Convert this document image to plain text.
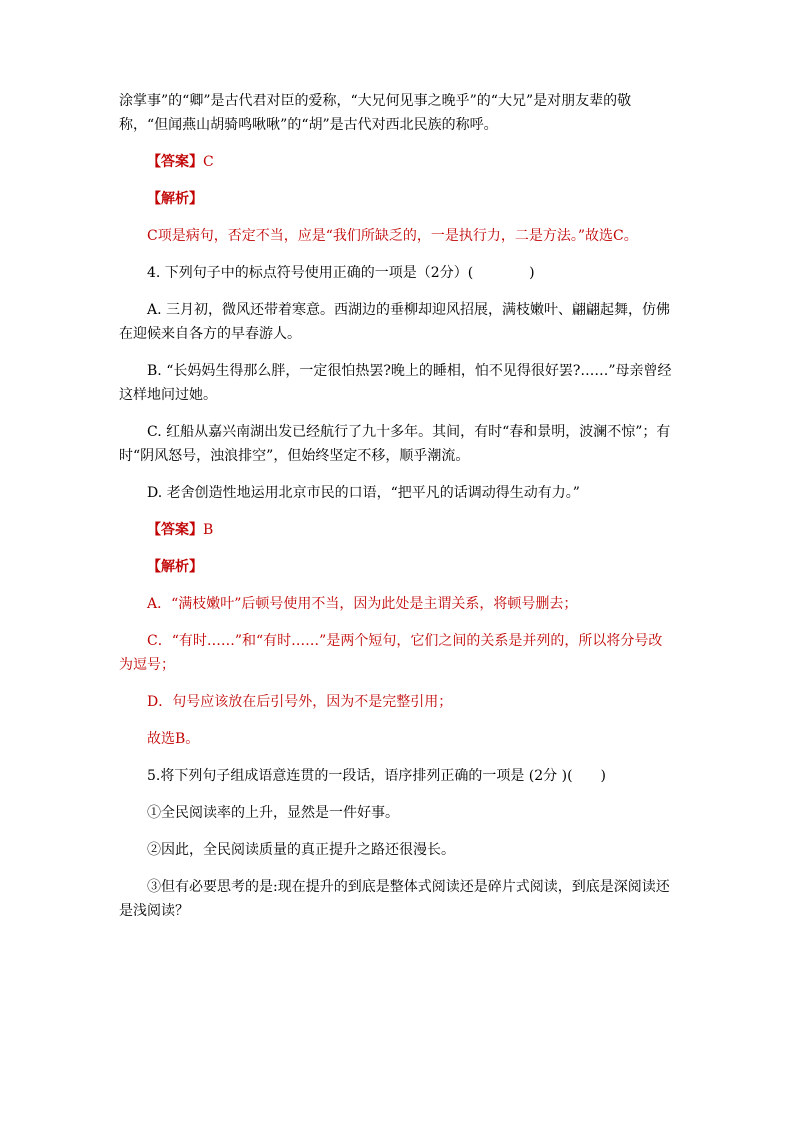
涂掌事”的“卿”是古代君对臣的爱称，“大兄何见事之晚乎”的“大兄”是对朋友辈的敬称，“但闻燕山胡骑鸣啾啾”的“胡”是古代对西北民族的称呼。

【答案】C

【解析】

C项是病句，否定不当，应是“我们所缺乏的，一是执行力，二是方法。”故选C。

4. 下列句子中的标点符号使用正确的一项是（2分）(　　　　)

A. 三月初，微风还带着寒意。西湖边的垂柳却迎风招展，满枝嫩叶、翩翩起舞，仿佛在迎候来自各方的早春游人。

B. “长妈妈生得那么胖，一定很怕热罢?晚上的睡相，怕不见得很好罢?……”母亲曾经这样地问过她。

C. 红船从嘉兴南湖出发已经航行了九十多年。其间，有时“春和景明，波澜不惊”；有时“阴风怒号，浊浪排空”，但始终坚定不移，顺乎潮流。

D. 老舍创造性地运用北京市民的口语，“把平凡的话调动得生动有力。”

【答案】B

【解析】

A．“满枝嫩叶”后顿号使用不当，因为此处是主谓关系，将顿号删去；

C．“有时……”和“有时……”是两个短句，它们之间的关系是并列的，所以将分号改为逗号；

D．句号应该放在后引号外，因为不是完整引用；

故选B。

5.将下列句子组成语意连贯的一段话，语序排列正确的一项是 (2分 )(　　)

①全民阅读率的上升，显然是一件好事。

②因此，全民阅读质量的真正提升之路还很漫长。

③但有必要思考的是:现在提升的到底是整体式阅读还是碎片式阅读，到底是深阅读还是浅阅读？
